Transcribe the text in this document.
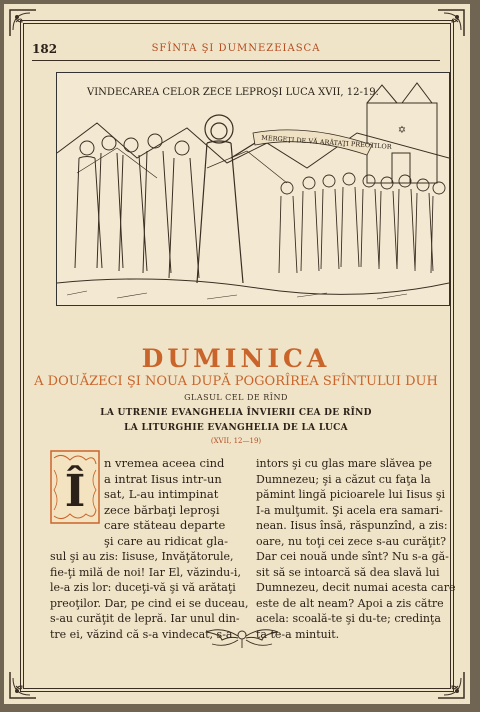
182	SFÎNTA ŞI DUMNEZEIASCA
VINDECAREA CELOR ZECE LEPROŞI LUCA XVII, 12-19.
✡
MERGEŢI DE VĂ ARĂTAŢI PREOTILOR
DUMINICA
A DOUĂZECI ŞI NOUA DUPĂ POGORÎREA SFÎNTULUI DUH
GLASUL CEL DE RÎND
LA UTRENIE EVANGHELIA ÎNVIERII CEA DE RÎND
LA LITURGHIE EVANGHELIA DE LA LUCA
(XVII, 12—19)
Î
n vremea aceea cind
a intrat Iisus intr-un
sat, L-au intimpinat
zece bărbaţi leproşi
care stăteau departe
şi care au ridicat gla-
sul şi au zis: Iisuse, Invăţătorule,
fie-ţi milă de noi! Iar El, văzindu-i,
le-a zis lor: duceţi-vă şi vă arătaţi
preoţilor. Dar, pe cind ei se duceau,
s-au curăţit de lepră. Iar unul din-
tre ei, văzind că s-a vindecat, s-a
intors şi cu glas mare slăvea pe
Dumnezeu; şi a căzut cu faţa la
pămint lingă picioarele lui Iisus şi
I-a mulţumit. Şi acela era samari-
nean. Iisus însă, răspunzînd, a zis:
oare, nu toţi cei zece s-au curăţit?
Dar cei nouă unde sînt? Nu s-a gă-
sit să se intoarcă să dea slavă lui
Dumnezeu, decit numai acesta care
este de alt neam? Apoi a zis către
acela: scoală-te şi du-te; credinţa
ta te-a mintuit.
